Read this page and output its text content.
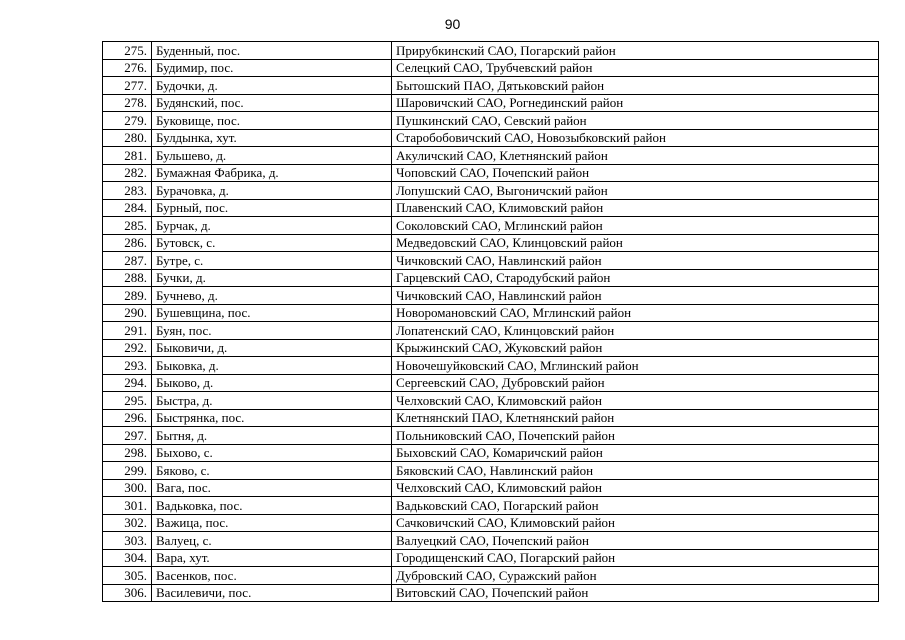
90
275.	Буденный, пос.	Прирубкинский САО, Погарский район
276.	Будимир, пос.	Селецкий САО, Трубчевский район
277.	Будочки, д.	Бытошский ПАО, Дятьковский район
278.	Будянский, пос.	Шаровичский САО, Рогнединский район
279.	Буковище, пос.	Пушкинский САО, Севский район
280.	Булдынка, хут.	Старобобовичский САО, Новозыбковский район
281.	Бульшево, д.	Акуличский САО, Клетнянский район
282.	Бумажная Фабрика, д.	Чоповский САО, Почепский район
283.	Бурачовка, д.	Лопушский САО, Выгоничский район
284.	Бурный, пос.	Плавенский САО, Климовский район
285.	Бурчак, д.	Соколовский САО, Мглинский район
286.	Бутовск, с.	Медведовский САО, Клинцовский район
287.	Бутре, с.	Чичковский САО, Навлинский район
288.	Бучки, д.	Гарцевский САО, Стародубский район
289.	Бучнево, д.	Чичковский САО, Навлинский район
290.	Бушевщина, пос.	Новоромановский САО, Мглинский район
291.	Буян, пос.	Лопатенский САО, Клинцовский район
292.	Быковичи, д.	Крыжинский САО, Жуковский район
293.	Быковка, д.	Новочешуйковский САО, Мглинский район
294.	Быково, д.	Сергеевский САО, Дубровский район
295.	Быстра, д.	Челховский САО, Климовский район
296.	Быстрянка, пос.	Клетнянский ПАО, Клетнянский район
297.	Бытня, д.	Польниковский САО, Почепский район
298.	Быхово, с.	Быховский САО, Комаричский район
299.	Бяково, с.	Бяковский САО, Навлинский район
300.	Вага, пос.	Челховский САО, Климовский район
301.	Вадьковка, пос.	Вадьковский САО, Погарский район
302.	Важица, пос.	Сачковичский САО, Климовский район
303.	Валуец, с.	Валуецкий САО, Почепский район
304.	Вара, хут.	Городищенский САО, Погарский район
305.	Васенков, пос.	Дубровский САО, Суражский район
306.	Василевичи, пос.	Витовский САО, Почепский район
